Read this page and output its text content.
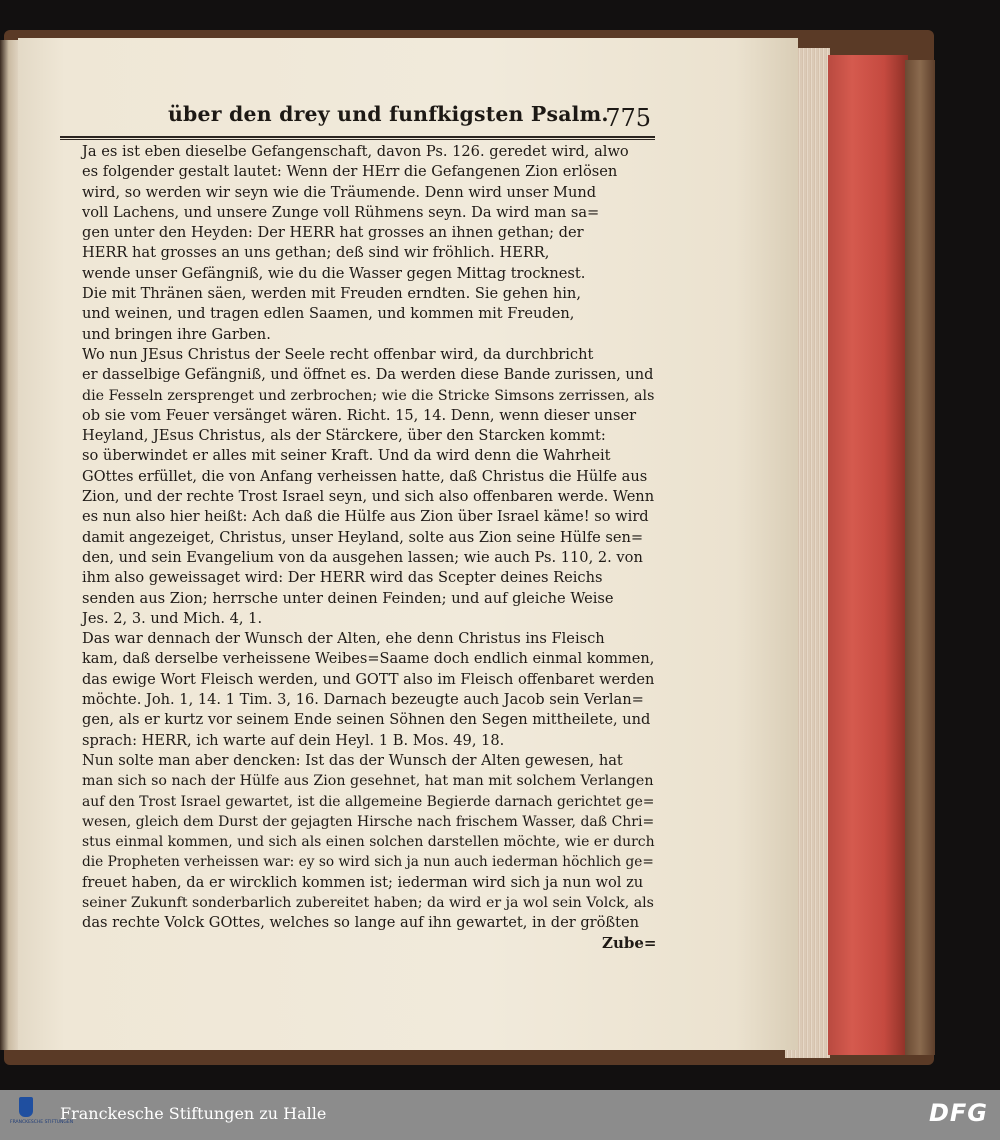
über den drey und funfkigsten Psalm.
775
Ja es ist eben dieselbe Gefangenschaft, davon Ps. 126. geredet wird, alwo
es folgender gestalt lautet: Wenn der HErr die Gefangenen Zion erlösen
wird, so werden wir seyn wie die Träumende. Denn wird unser Mund
voll Lachens, und unsere Zunge voll Rühmens seyn. Da wird man sa=
gen unter den Heyden: Der HERR hat grosses an ihnen gethan; der
HERR hat grosses an uns gethan; deß sind wir fröhlich. HERR,
wende unser Gefängniß, wie du die Wasser gegen Mittag trocknest.
Die mit Thränen säen, werden mit Freuden erndten. Sie gehen hin,
und weinen, und tragen edlen Saamen, und kommen mit Freuden,
und bringen ihre Garben.
Wo nun JEsus Christus der Seele recht offenbar wird, da durchbricht
er dasselbige Gefängniß, und öffnet es. Da werden diese Bande zurissen, und
die Fesseln zersprenget und zerbrochen; wie die Stricke Simsons zerrissen, als
ob sie vom Feuer versänget wären. Richt. 15, 14. Denn, wenn dieser unser
Heyland, JEsus Christus, als der Stärckere, über den Starcken kommt:
so überwindet er alles mit seiner Kraft. Und da wird denn die Wahrheit
GOttes erfüllet, die von Anfang verheissen hatte, daß Christus die Hülfe aus
Zion, und der rechte Trost Israel seyn, und sich also offenbaren werde. Wenn
es nun also hier heißt: Ach daß die Hülfe aus Zion über Israel käme! so wird
damit angezeiget, Christus, unser Heyland, solte aus Zion seine Hülfe sen=
den, und sein Evangelium von da ausgehen lassen; wie auch Ps. 110, 2. von
ihm also geweissaget wird: Der HERR wird das Scepter deines Reichs
senden aus Zion; herrsche unter deinen Feinden; und auf gleiche Weise
Jes. 2, 3. und Mich. 4, 1.
Das war dennach der Wunsch der Alten, ehe denn Christus ins Fleisch
kam, daß derselbe verheissene Weibes=Saame doch endlich einmal kommen,
das ewige Wort Fleisch werden, und GOTT also im Fleisch offenbaret werden
möchte. Joh. 1, 14. 1 Tim. 3, 16. Darnach bezeugte auch Jacob sein Verlan=
gen, als er kurtz vor seinem Ende seinen Söhnen den Segen mittheilete, und
sprach: HERR, ich warte auf dein Heyl. 1 B. Mos. 49, 18.
Nun solte man aber dencken: Ist das der Wunsch der Alten gewesen, hat
man sich so nach der Hülfe aus Zion gesehnet, hat man mit solchem Verlangen
auf den Trost Israel gewartet, ist die allgemeine Begierde darnach gerichtet ge=
wesen, gleich dem Durst der gejagten Hirsche nach frischem Wasser, daß Chri=
stus einmal kommen, und sich als einen solchen darstellen möchte, wie er durch
die Propheten verheissen war: ey so wird sich ja nun auch iederman höchlich ge=
freuet haben, da er wircklich kommen ist; iederman wird sich ja nun wol zu
seiner Zukunft sonderbarlich zubereitet haben; da wird er ja wol sein Volck, als
das rechte Volck GOttes, welches so lange auf ihn gewartet, in der größten
Zube=
FRANCKESCHE STIFTUNGEN
Franckesche Stiftungen zu Halle	DFG
